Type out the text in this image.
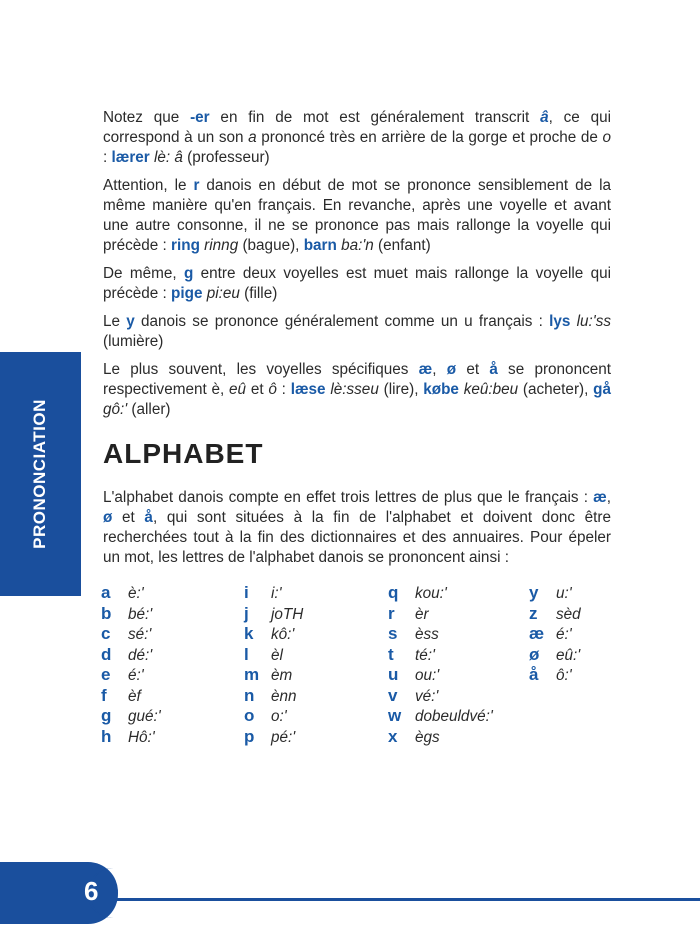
PRONONCIATION

Notez que -er en fin de mot est généralement transcrit â, ce qui correspond à un son a prononcé très en arrière de la gorge et proche de o : lærer lè: â (professeur)

Attention, le r danois en début de mot se prononce sensiblement de la même manière qu'en français. En revanche, après une voyelle et avant une autre consonne, il ne se prononce pas mais rallonge la voyelle qui précède : ring rinng (bague), barn ba:'n (enfant)

De même, g entre deux voyelles est muet mais rallonge la voyelle qui précède : pige pi:eu (fille)

Le y danois se prononce généralement comme un u français : lys lu:'ss (lumière)

Le plus souvent, les voyelles spécifiques æ, ø et å se prononcent respectivement è, eû et ô : læse lè:sseu (lire), købe keû:beu (acheter), gå gô:' (aller)

ALPHABET
L'alphabet danois compte en effet trois lettres de plus que le français : æ, ø et å, qui sont situées à la fin de l'alphabet et doivent donc être recherchées tout à la fin des dictionnaires et des annuaires. Pour épeler un mot, les lettres de l'alphabet danois se prononcent ainsi :
a è:'
b bé:'
c sé:'
d dé:'
e é:'
f èf
g gué:'
h Hô:'
i i:'
j joTH
k kô:'
l èl
m èm
n ènn
o o:'
p pé:'
q kou:'
r èr
s èss
t té:'
u ou:'
v vé:'
w dobeuldvé:'
x ègs
y u:'
z sèd
æ é:'
ø eû:'
å ô:'
6
